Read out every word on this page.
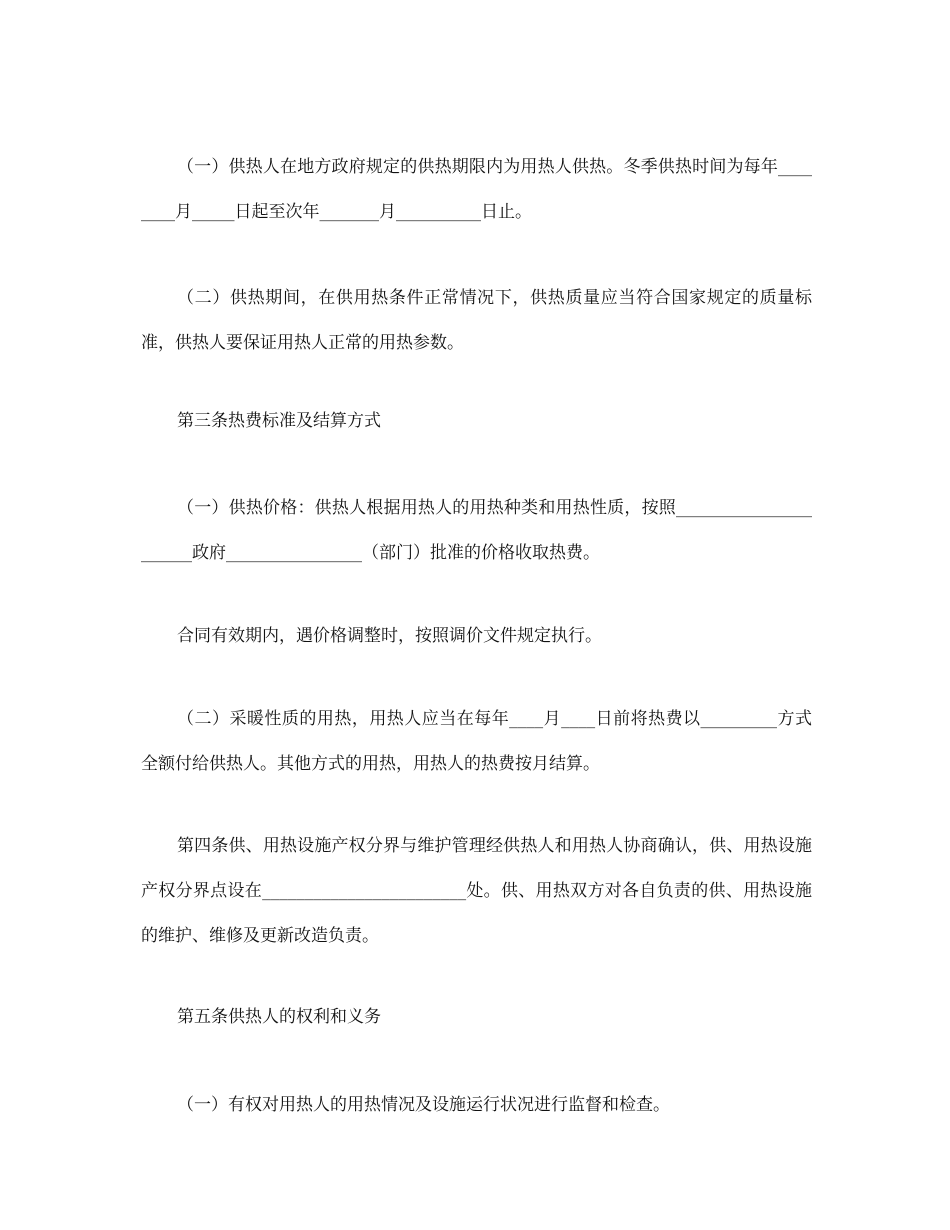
（一）供热人在地方政府规定的供热期限内为用热人供热。冬季供热时间为每年________月_____日起至次年_______月__________日止。

（二）供热期间，在供用热条件正常情况下，供热质量应当符合国家规定的质量标准，供热人要保证用热人正常的用热参数。

第三条热费标准及结算方式

（一）供热价格：供热人根据用热人的用热种类和用热性质，按照______________________政府________________（部门）批准的价格收取热费。

合同有效期内，遇价格调整时，按照调价文件规定执行。

（二）采暖性质的用热，用热人应当在每年____月____日前将热费以_________方式全额付给供热人。其他方式的用热，用热人的热费按月结算。

第四条供、用热设施产权分界与维护管理经供热人和用热人协商确认，供、用热设施产权分界点设在________________________处。供、用热双方对各自负责的供、用热设施的维护、维修及更新改造负责。

第五条供热人的权利和义务

（一）有权对用热人的用热情况及设施运行状况进行监督和检查。
